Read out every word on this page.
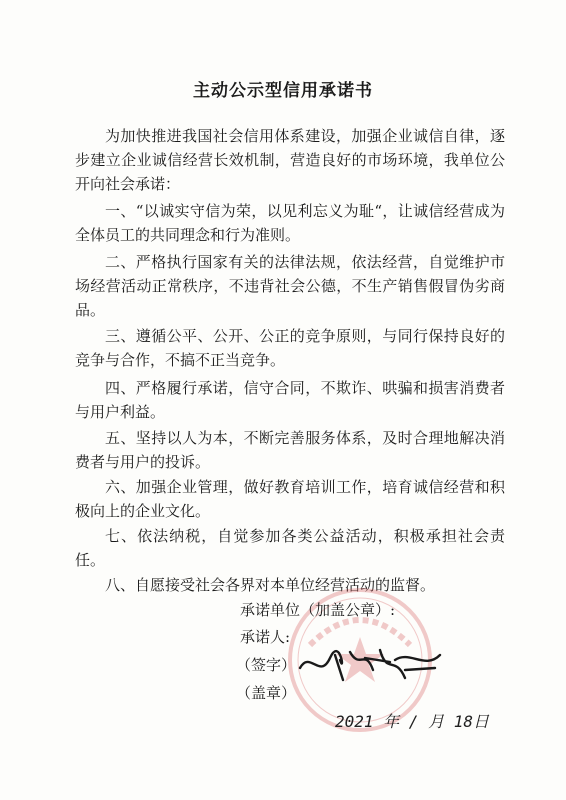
主动公示型信用承诺书

为加快推进我国社会信用体系建设，加强企业诚信自律，逐步建立企业诚信经营长效机制，营造良好的市场环境，我单位公开向社会承诺：

一、“以诚实守信为荣，以见利忘义为耻“，让诚信经营成为全体员工的共同理念和行为准则。

二、严格执行国家有关的法律法规，依法经营，自觉维护市场经营活动正常秩序，不违背社会公德，不生产销售假冒伪劣商品。

三、遵循公平、公开、公正的竞争原则，与同行保持良好的竞争与合作，不搞不正当竞争。

四、严格履行承诺，信守合同，不欺诈、哄骗和损害消费者与用户利益。

五、坚持以人为本，不断完善服务体系，及时合理地解决消费者与用户的投诉。

六、加强企业管理，做好教育培训工作，培育诚信经营和积极向上的企业文化。

七、依法纳税，自觉参加各类公益活动，积极承担社会责任。

八、自愿接受社会各界对本单位经营活动的监督。

承诺单位（加盖公章）:
承诺人:
（签字）
（盖章）
2021 年 / 月 18日
